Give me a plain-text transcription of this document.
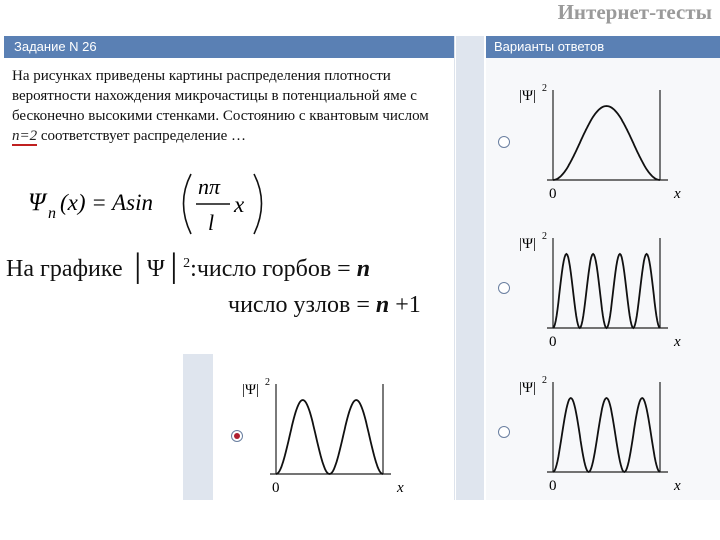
Интернет-тесты
Задание N 26	Варианты ответов
На рисунках приведены картины распределения плотности вероятности нахождения микрочастицы в потенциальной яме с бесконечно высокими стенками. Состоянию с квантовым числом n=2 соответствует распределение …
Ψ n (x) = Asin
nπ
l
x
На графике │Ψ│$^2$:число горбов = n
число узлов = n +1
|Ψ| 2
0	x
|Ψ| 2
0	x
|Ψ| 2
0	x
|Ψ| 2
0	x
